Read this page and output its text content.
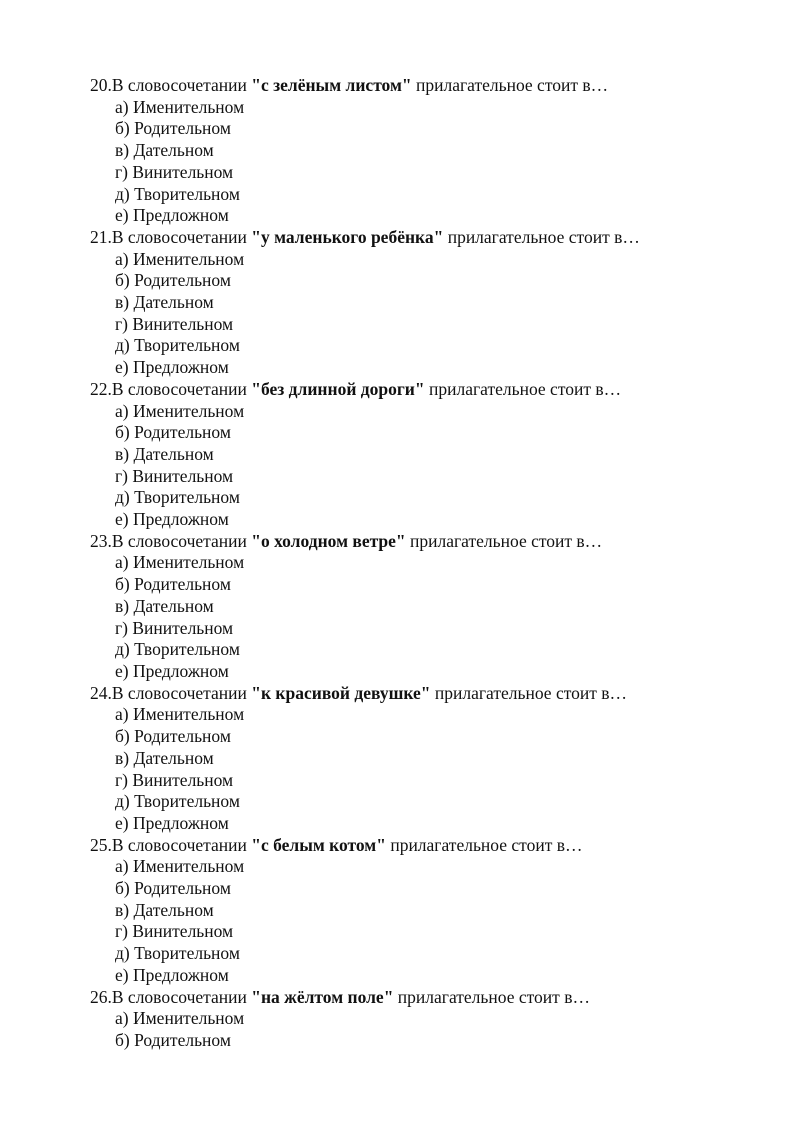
20.В словосочетании "с зелёным листом" прилагательное стоит в…
а) Именительном
б) Родительном
в) Дательном
г) Винительном
д) Творительном
е) Предложном
21.В словосочетании "у маленького ребёнка" прилагательное стоит в…
а) Именительном
б) Родительном
в) Дательном
г) Винительном
д) Творительном
е) Предложном
22.В словосочетании "без длинной дороги" прилагательное стоит в…
а) Именительном
б) Родительном
в) Дательном
г) Винительном
д) Творительном
е) Предложном
23.В словосочетании "о холодном ветре" прилагательное стоит в…
а) Именительном
б) Родительном
в) Дательном
г) Винительном
д) Творительном
е) Предложном
24.В словосочетании "к красивой девушке" прилагательное стоит в…
а) Именительном
б) Родительном
в) Дательном
г) Винительном
д) Творительном
е) Предложном
25.В словосочетании "с белым котом" прилагательное стоит в…
а) Именительном
б) Родительном
в) Дательном
г) Винительном
д) Творительном
е) Предложном
26.В словосочетании "на жёлтом поле" прилагательное стоит в…
а) Именительном
б) Родительном
